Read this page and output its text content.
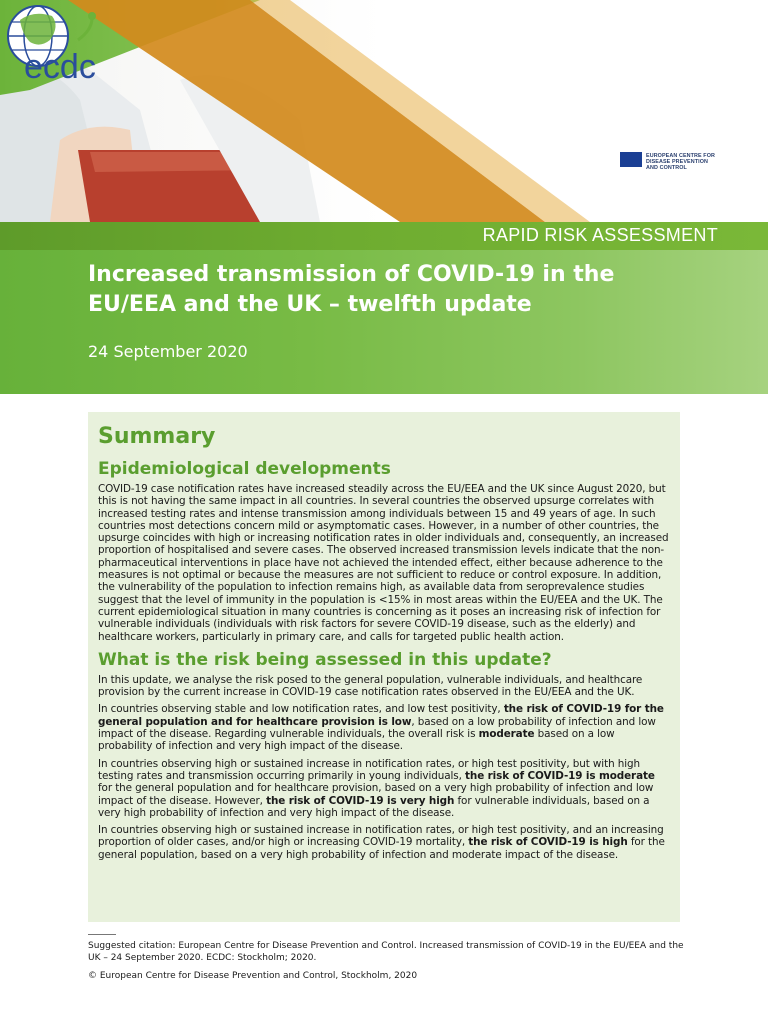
ecdc
EUROPEAN CENTRE FOR
DISEASE PREVENTION
AND CONTROL
RAPID RISK ASSESSMENT
Increased transmission of COVID-19 in the
EU/EEA and the UK – twelfth update
24 September 2020
Summary
Epidemiological developments

COVID-19 case notification rates have increased steadily across the EU/EEA and the UK since August 2020, but this is not having the same impact in all countries. In several countries the observed upsurge correlates with increased testing rates and intense transmission among individuals between 15 and 49 years of age. In such countries most detections concern mild or asymptomatic cases. However, in a number of other countries, the upsurge coincides with high or increasing notification rates in older individuals and, consequently, an increased proportion of hospitalised and severe cases. The observed increased transmission levels indicate that the non-pharmaceutical interventions in place have not achieved the intended effect, either because adherence to the measures is not optimal or because the measures are not sufficient to reduce or control exposure. In addition, the vulnerability of the population to infection remains high, as available data from seroprevalence studies suggest that the level of immunity in the population is <15% in most areas within the EU/EEA and the UK. The current epidemiological situation in many countries is concerning as it poses an increasing risk of infection for vulnerable individuals (individuals with risk factors for severe COVID-19 disease, such as the elderly) and healthcare workers, particularly in primary care, and calls for targeted public health action.

What is the risk being assessed in this update?

In this update, we analyse the risk posed to the general population, vulnerable individuals, and healthcare provision by the current increase in COVID-19 case notification rates observed in the EU/EEA and the UK.

In countries observing stable and low notification rates, and low test positivity, the risk of COVID-19 for the general population and for healthcare provision is low, based on a low probability of infection and low impact of the disease. Regarding vulnerable individuals, the overall risk is moderate based on a low probability of infection and very high impact of the disease.

In countries observing high or sustained increase in notification rates, or high test positivity, but with high testing rates and transmission occurring primarily in young individuals, the risk of COVID-19 is moderate for the general population and for healthcare provision, based on a very high probability of infection and low impact of the disease. However, the risk of COVID-19 is very high for vulnerable individuals, based on a very high probability of infection and very high impact of the disease.

In countries observing high or sustained increase in notification rates, or high test positivity, and an increasing proportion of older cases, and/or high or increasing COVID-19 mortality, the risk of COVID-19 is high for the general population, based on a very high probability of infection and moderate impact of the disease.

Suggested citation: European Centre for Disease Prevention and Control. Increased transmission of COVID-19 in the EU/EEA and the UK – 24 September 2020. ECDC: Stockholm; 2020.
© European Centre for Disease Prevention and Control, Stockholm, 2020
